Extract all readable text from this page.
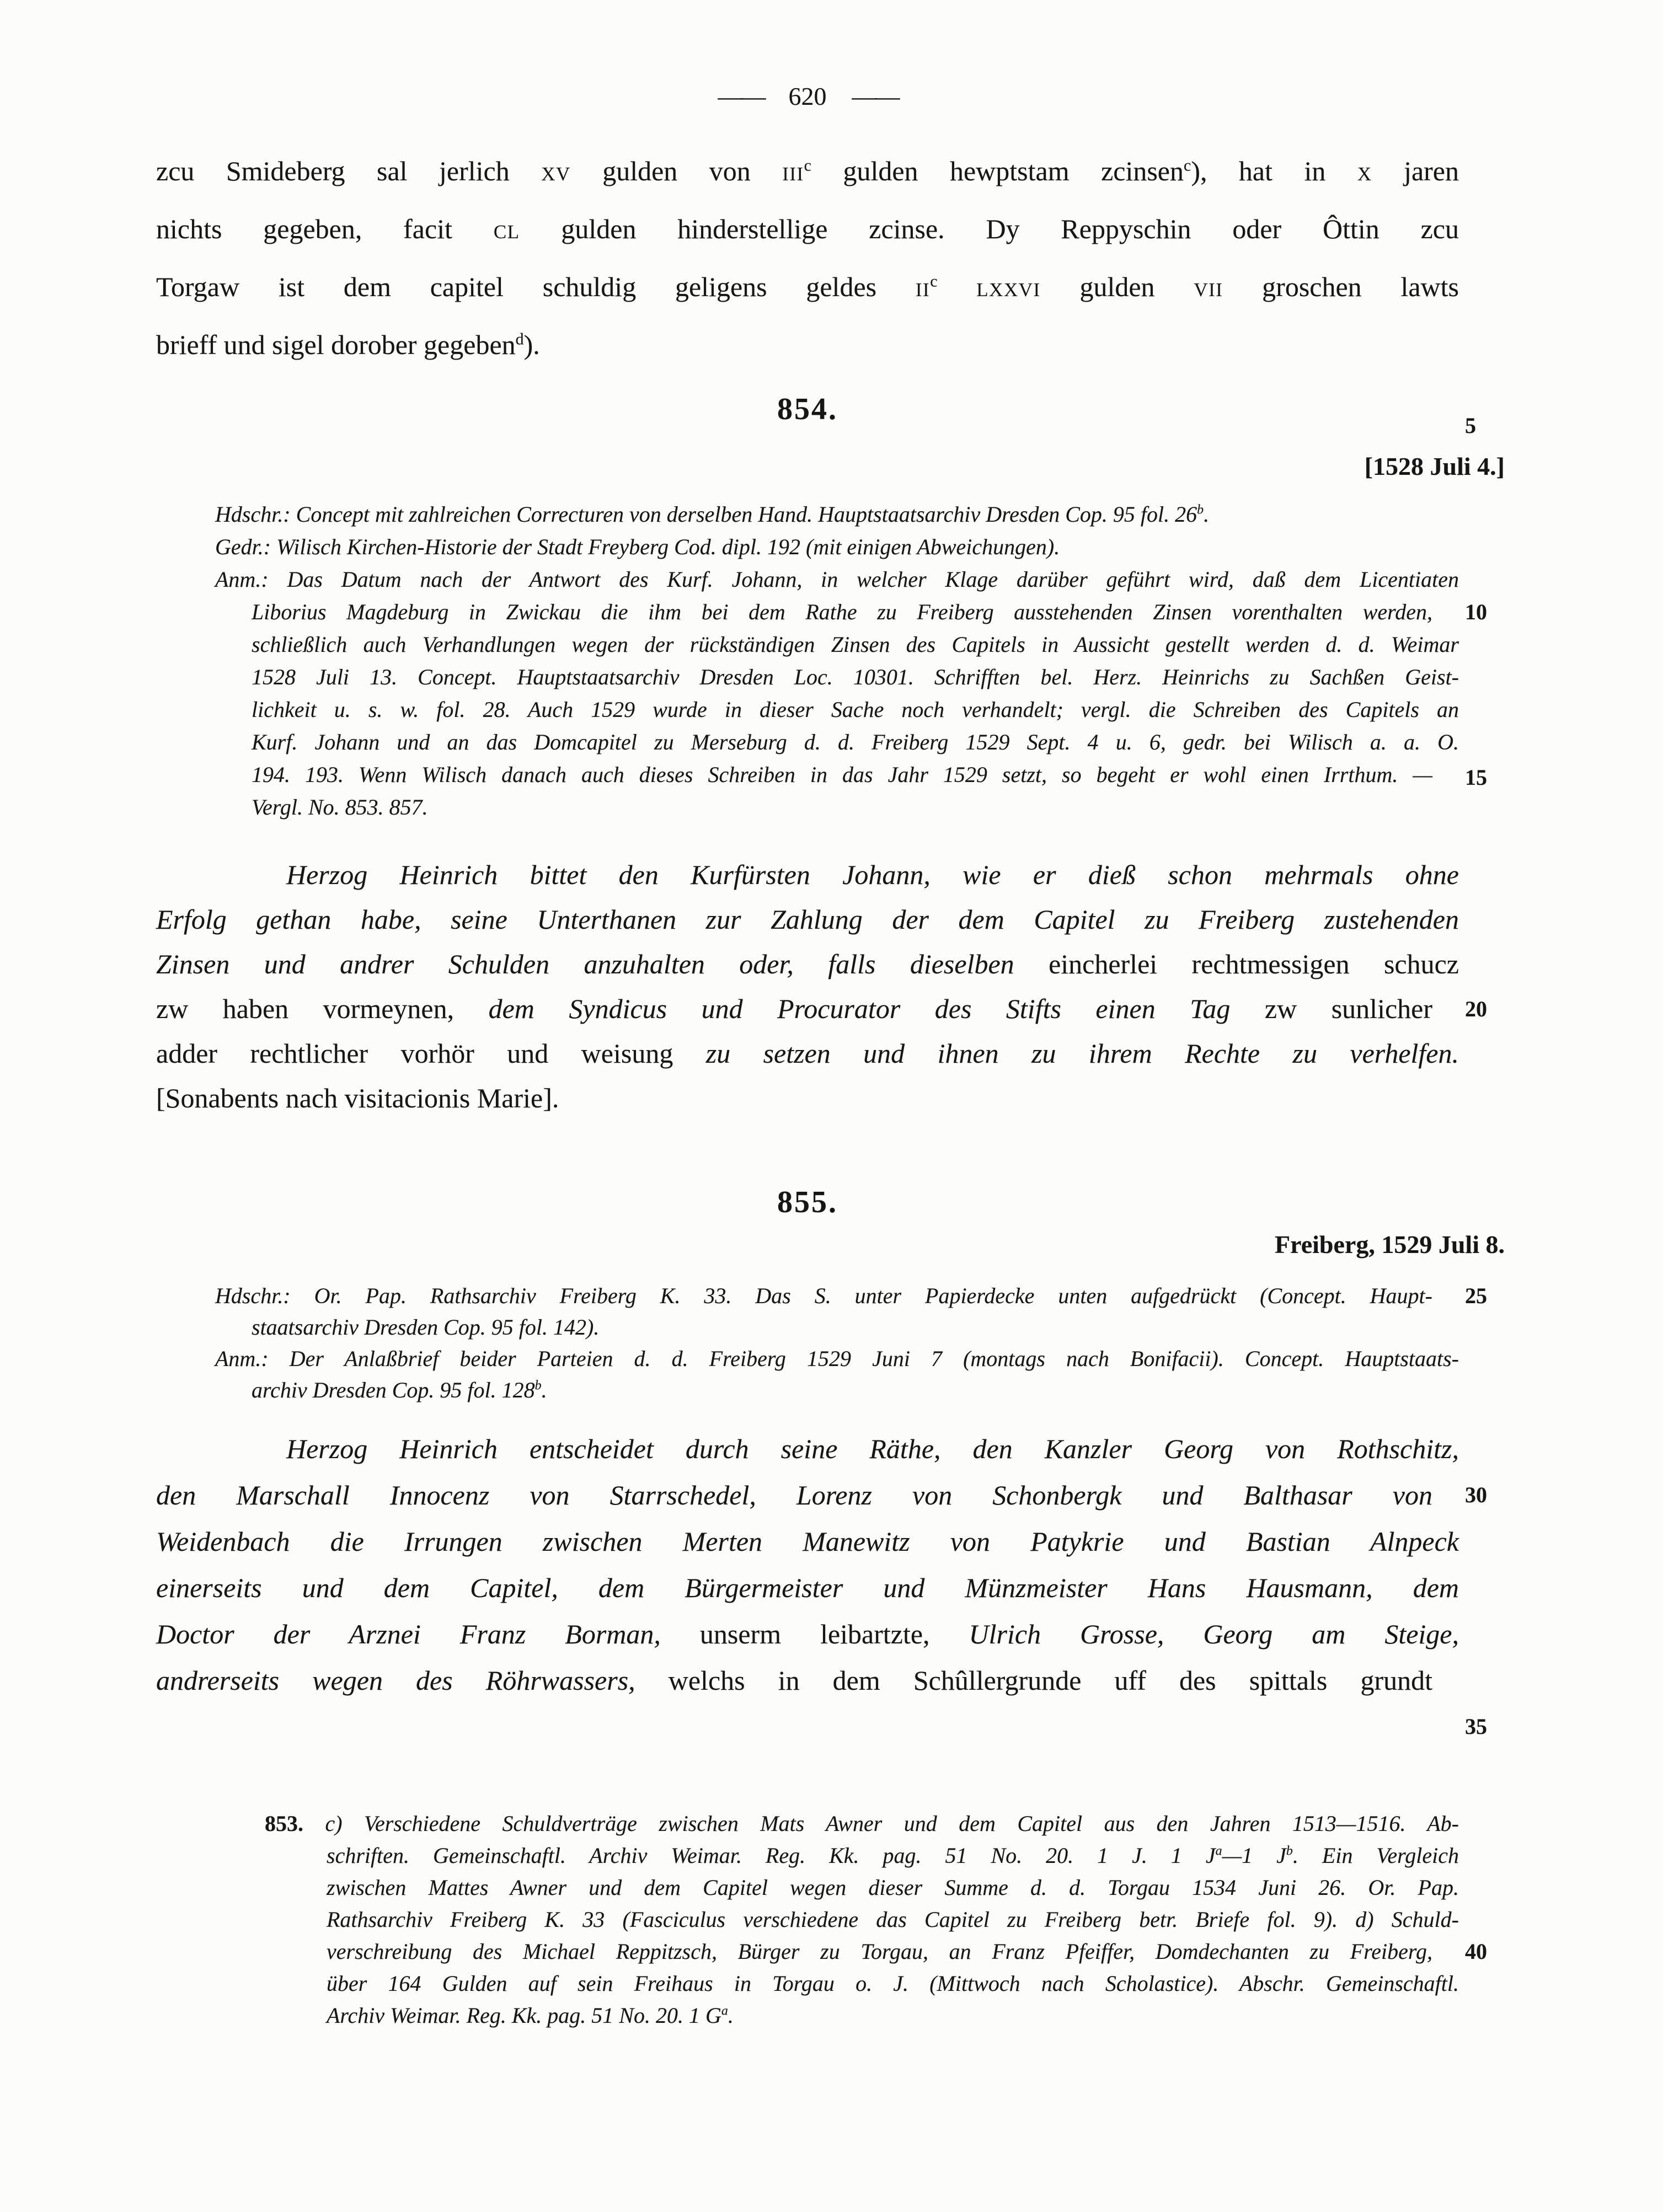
—— 620 ——
zcu Smideberg sal jerlich xv gulden von iii$^c$ gulden hewptstam zcinsen$^c$), hat in x jaren
nichts gegeben, facit cl gulden hinderstellige zcinse. Dy Reppyschin oder Ôttin zcu
Torgaw ist dem capitel schuldig geligens geldes $ii^c$ lxxvi gulden vii groschen lawts
brieff und sigel dorober gegeben$^d$).
854.
[1528 Juli 4.]
Hdschr.: Concept mit zahlreichen Correcturen von derselben Hand. Hauptstaatsarchiv Dresden Cop. 95 fol. 26$^b$.
Gedr.: Wilisch Kirchen-Historie der Stadt Freyberg Cod. dipl. 192 (mit einigen Abweichungen).
Anm.: Das Datum nach der Antwort des Kurf. Johann, in welcher Klage darüber geführt wird, daß dem Licentiaten
Liborius Magdeburg in Zwickau die ihm bei dem Rathe zu Freiberg ausstehenden Zinsen vorenthalten werden,
schließlich auch Verhandlungen wegen der rückständigen Zinsen des Capitels in Aussicht gestellt werden d. d. Weimar
1528 Juli 13. Concept. Hauptstaatsarchiv Dresden Loc. 10301. Schrifften bel. Herz. Heinrichs zu Sachßen Geist-
lichkeit u. s. w. fol. 28. Auch 1529 wurde in dieser Sache noch verhandelt; vergl. die Schreiben des Capitels an
Kurf. Johann und an das Domcapitel zu Merseburg d. d. Freiberg 1529 Sept. 4 u. 6, gedr. bei Wilisch a. a. O.
194. 193. Wenn Wilisch danach auch dieses Schreiben in das Jahr 1529 setzt, so begeht er wohl einen Irrthum. —
Vergl. No. 853. 857.
Herzog Heinrich bittet den Kurfürsten Johann, wie er dieß schon mehrmals ohne
Erfolg gethan habe, seine Unterthanen zur Zahlung der dem Capitel zu Freiberg zustehenden
Zinsen und andrer Schulden anzuhalten oder, falls dieselben eincherlei rechtmessigen schucz
zw haben vormeynen, dem Syndicus und Procurator des Stifts einen Tag zw sunlicher
adder rechtlicher vorhör und weisung zu setzen und ihnen zu ihrem Rechte zu verhelfen.
[Sonabents nach visitacionis Marie].
855.
Freiberg, 1529 Juli 8.
Hdschr.: Or. Pap. Rathsarchiv Freiberg K. 33. Das S. unter Papierdecke unten aufgedrückt (Concept. Haupt-
staatsarchiv Dresden Cop. 95 fol. 142).
Anm.: Der Anlaßbrief beider Parteien d. d. Freiberg 1529 Juni 7 (montags nach Bonifacii). Concept. Hauptstaats-
archiv Dresden Cop. 95 fol. 128$^b$.
Herzog Heinrich entscheidet durch seine Räthe, den Kanzler Georg von Rothschitz,
den Marschall Innocenz von Starrschedel, Lorenz von Schonbergk und Balthasar von
Weidenbach die Irrungen zwischen Merten Manewitz von Patykrie und Bastian Alnpeck
einerseits und dem Capitel, dem Bürgermeister und Münzmeister Hans Hausmann, dem
Doctor der Arznei Franz Borman, unserm leibartzte, Ulrich Grosse, Georg am Steige,
andrerseits wegen des Röhrwassers, welchs in dem Schûllergrunde uff des spittals grundt
853. c) Verschiedene Schuldverträge zwischen Mats Awner und dem Capitel aus den Jahren 1513—1516. Ab-
schriften. Gemeinschaftl. Archiv Weimar. Reg. Kk. pag. 51 No. 20. 1 J. 1 $J^a—1$ $J^b$. Ein Vergleich
zwischen Mattes Awner und dem Capitel wegen dieser Summe d. d. Torgau 1534 Juni 26. Or. Pap.
Rathsarchiv Freiberg K. 33 (Fasciculus verschiedene das Capitel zu Freiberg betr. Briefe fol. 9). d) Schuld-
verschreibung des Michael Reppitzsch, Bürger zu Torgau, an Franz Pfeiffer, Domdechanten zu Freiberg,
über 164 Gulden auf sein Freihaus in Torgau o. J. (Mittwoch nach Scholastice). Abschr. Gemeinschaftl.
Archiv Weimar. Reg. Kk. pag. 51 No. 20. 1 $G^a$.
5
10
15
20
25
30
35
40
